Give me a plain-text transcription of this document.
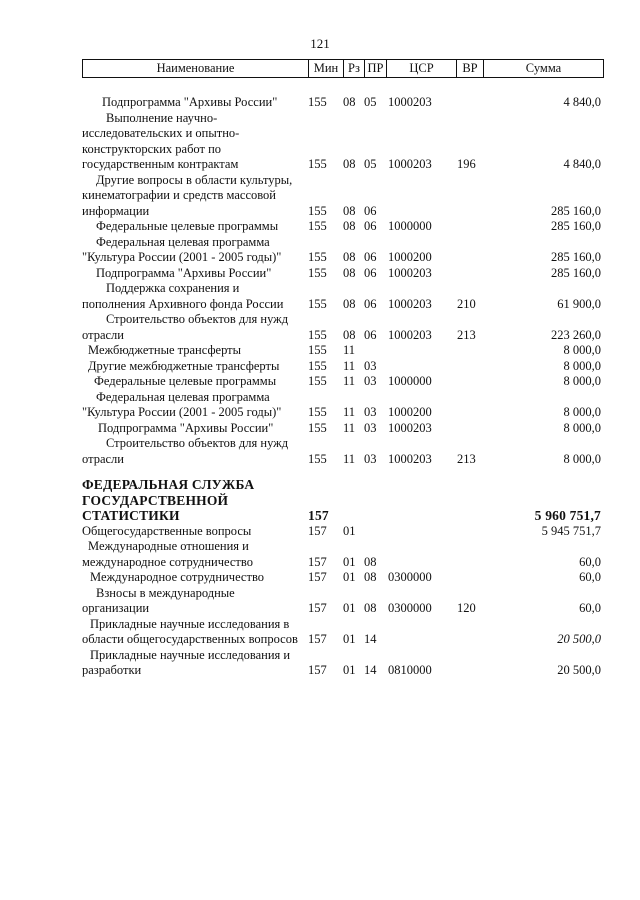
121
Наименование	Мин	Рз	ПР	ЦСР	ВР	Сумма
	Подпрограмма "Архивы России"	155	08	05	1000203		4 840,0	
	Выполнение научно-исследовательских и опытно-конструкторских работ по государственным контрактам	155	08	05	1000203	196	4 840,0	
	Другие вопросы в области культуры, кинематографии и средств массовой информации	155	08	06			285 160,0	
	Федеральные целевые программы	155	08	06	1000000		285 160,0	
	Федеральная целевая программа "Культура России (2001 - 2005 годы)"	155	08	06	1000200		285 160,0	
	Подпрограмма "Архивы России"	155	08	06	1000203		285 160,0	
	Поддержка сохранения и пополнения Архивного фонда России	155	08	06	1000203	210	61 900,0	
	Строительство объектов для нужд отрасли	155	08	06	1000203	213	223 260,0	
	Межбюджетные трансферты	155	11				8 000,0	
	Другие межбюджетные трансферты	155	11	03			8 000,0	
	Федеральные целевые программы	155	11	03	1000000		8 000,0	
	Федеральная целевая программа "Культура России (2001 - 2005 годы)"	155	11	03	1000200		8 000,0	
	Подпрограмма "Архивы России"	155	11	03	1000203		8 000,0	
	Строительство объектов для нужд отрасли	155	11	03	1000203	213	8 000,0	

	ФЕДЕРАЛЬНАЯ СЛУЖБА ГОСУДАРСТВЕННОЙ СТАТИСТИКИ	157					5 960 751,7	
	Общегосударственные вопросы	157	01				5 945 751,7	
	Международные отношения и международное сотрудничество	157	01	08			60,0	
	Международное сотрудничество	157	01	08	0300000		60,0	
	Взносы в международные организации	157	01	08	0300000	120	60,0	
	Прикладные научные исследования в области общегосударственных вопросов	157	01	14			20 500,0	
	Прикладные научные исследования и разработки	157	01	14	0810000		20 500,0	
